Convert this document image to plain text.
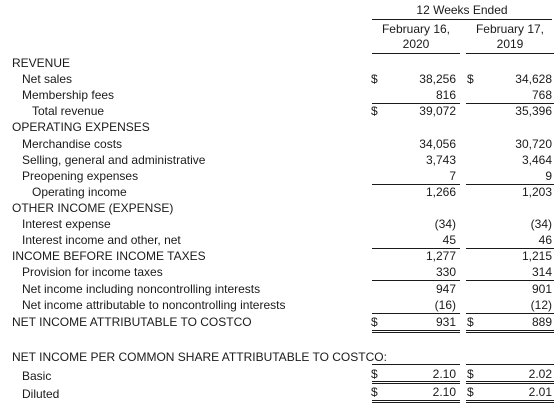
12 Weeks Ended
February 16,
2020
February 17,
2019
REVENUE
Net sales	$	38,256 $	34,628
Membership fees	816	768
Total revenue	$	39,072	35,396
OPERATING EXPENSES
Merchandise costs	34,056	30,720
Selling, general and administrative	3,743	3,464
Preopening expenses	7	9
Operating income	1,266	1,203
OTHER INCOME (EXPENSE)
Interest expense	(34)	(34)
Interest income and other, net	45	46
INCOME BEFORE INCOME TAXES	1,277	1,215
Provision for income taxes	330	314
Net income including noncontrolling interests	947	901
Net income attributable to noncontrolling interests	(16)	(12)
NET INCOME ATTRIBUTABLE TO COSTCO	$	931 $	889
NET INCOME PER COMMON SHARE ATTRIBUTABLE TO COSTCO:
Basic	$	2.10 $	2.02
Diluted	$	2.10 $	2.01
